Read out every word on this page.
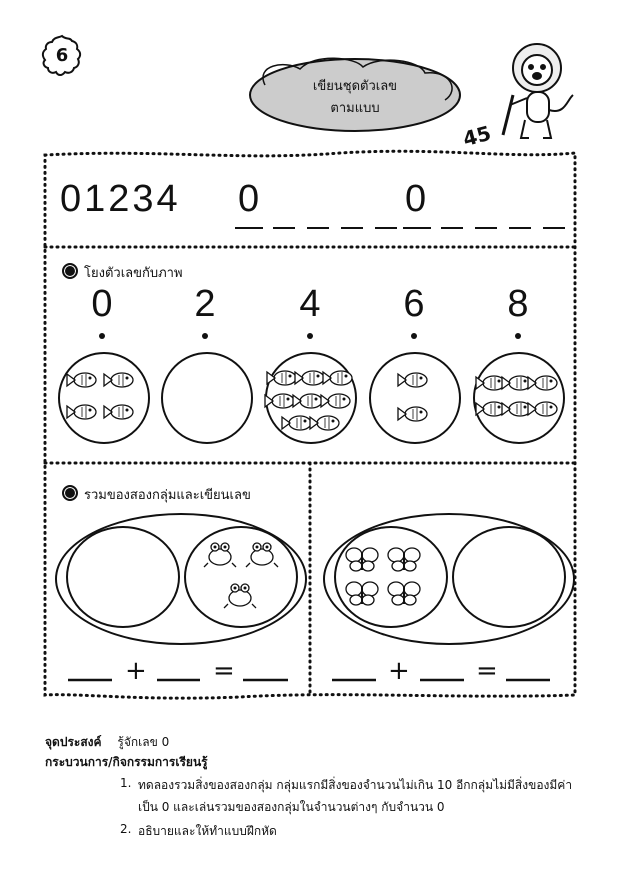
6
เขียนชุดตัวเลข
ตามแบบ
45
01234 0	0
โยงตัวเลขกับภาพ
0 2 4 6 8
รวมของสองกลุ่มและเขียนเลข
+	=	+	=
จุดประสงค์ รู้จักเลข 0
กระบวนการ/กิจกรรมการเรียนรู้
1. ทดลองรวมสิ่งของสองกลุ่ม กลุ่มแรกมีสิ่งของจำนวนไม่เกิน 10 อีกกลุ่มไม่มีสิ่งของมีค่า
เป็น 0 และเล่นรวมของสองกลุ่มในจำนวนต่างๆ กับจำนวน 0
2. อธิบายและให้ทำแบบฝึกหัด
